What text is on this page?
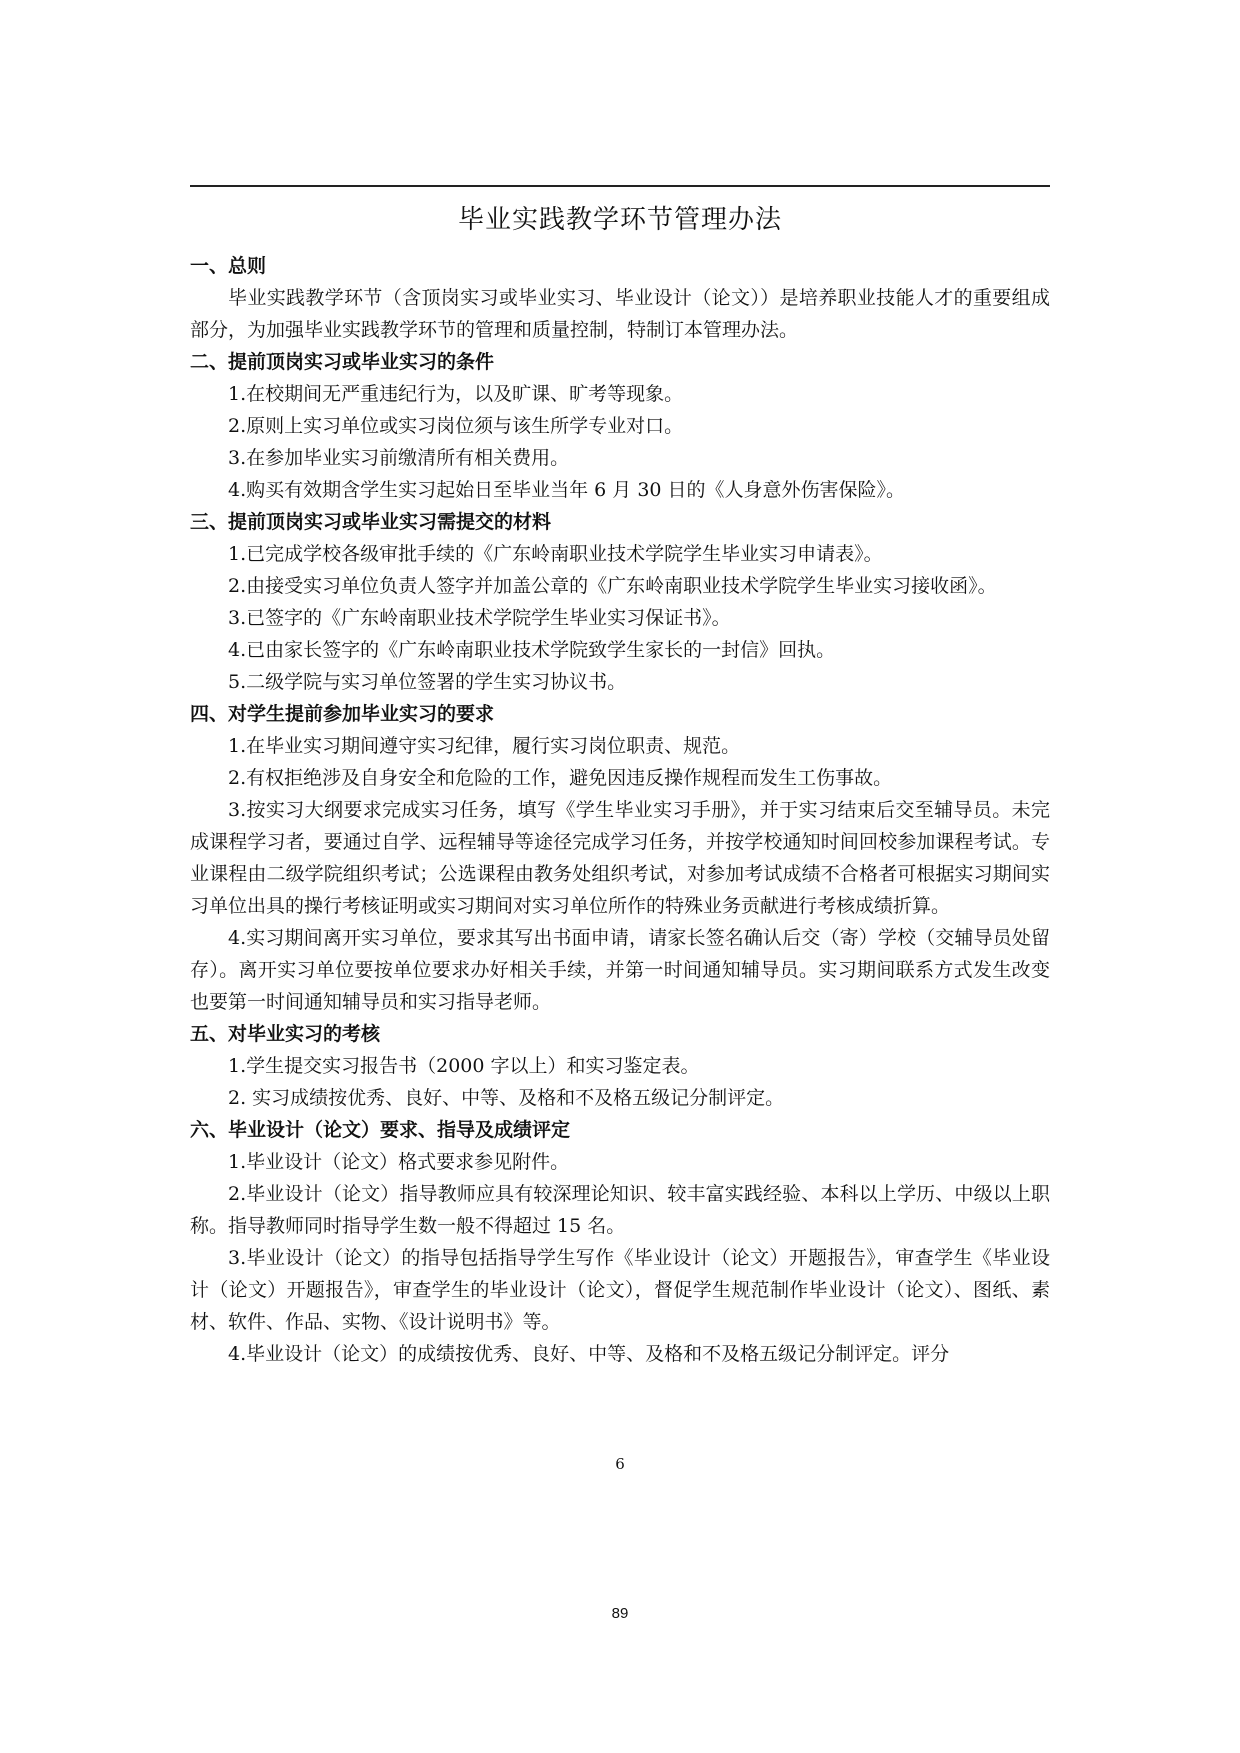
毕业实践教学环节管理办法

一、总则

毕业实践教学环节（含顶岗实习或毕业实习、毕业设计（论文））是培养职业技能人才的重要组成部分，为加强毕业实践教学环节的管理和质量控制，特制订本管理办法。

二、提前顶岗实习或毕业实习的条件

1.在校期间无严重违纪行为，以及旷课、旷考等现象。

2.原则上实习单位或实习岗位须与该生所学专业对口。

3.在参加毕业实习前缴清所有相关费用。

4.购买有效期含学生实习起始日至毕业当年 6 月 30 日的《人身意外伤害保险》。

三、提前顶岗实习或毕业实习需提交的材料

1.已完成学校各级审批手续的《广东岭南职业技术学院学生毕业实习申请表》。

2.由接受实习单位负责人签字并加盖公章的《广东岭南职业技术学院学生毕业实习接收函》。

3.已签字的《广东岭南职业技术学院学生毕业实习保证书》。

4.已由家长签字的《广东岭南职业技术学院致学生家长的一封信》回执。

5.二级学院与实习单位签署的学生实习协议书。

四、对学生提前参加毕业实习的要求

1.在毕业实习期间遵守实习纪律，履行实习岗位职责、规范。

2.有权拒绝涉及自身安全和危险的工作，避免因违反操作规程而发生工伤事故。

3.按实习大纲要求完成实习任务，填写《学生毕业实习手册》，并于实习结束后交至辅导员。未完成课程学习者，要通过自学、远程辅导等途径完成学习任务，并按学校通知时间回校参加课程考试。专业课程由二级学院组织考试；公选课程由教务处组织考试，对参加考试成绩不合格者可根据实习期间实习单位出具的操行考核证明或实习期间对实习单位所作的特殊业务贡献进行考核成绩折算。

4.实习期间离开实习单位，要求其写出书面申请，请家长签名确认后交（寄）学校（交辅导员处留存）。离开实习单位要按单位要求办好相关手续，并第一时间通知辅导员。实习期间联系方式发生改变也要第一时间通知辅导员和实习指导老师。

五、对毕业实习的考核

1.学生提交实习报告书（2000 字以上）和实习鉴定表。

2. 实习成绩按优秀、良好、中等、及格和不及格五级记分制评定。

六、毕业设计（论文）要求、指导及成绩评定

1.毕业设计（论文）格式要求参见附件。

2.毕业设计（论文）指导教师应具有较深理论知识、较丰富实践经验、本科以上学历、中级以上职称。指导教师同时指导学生数一般不得超过 15 名。

3.毕业设计（论文）的指导包括指导学生写作《毕业设计（论文）开题报告》，审查学生《毕业设计（论文）开题报告》，审查学生的毕业设计（论文），督促学生规范制作毕业设计（论文）、图纸、素材、软件、作品、实物、《设计说明书》等。

4.毕业设计（论文）的成绩按优秀、良好、中等、及格和不及格五级记分制评定。评分

6
89
